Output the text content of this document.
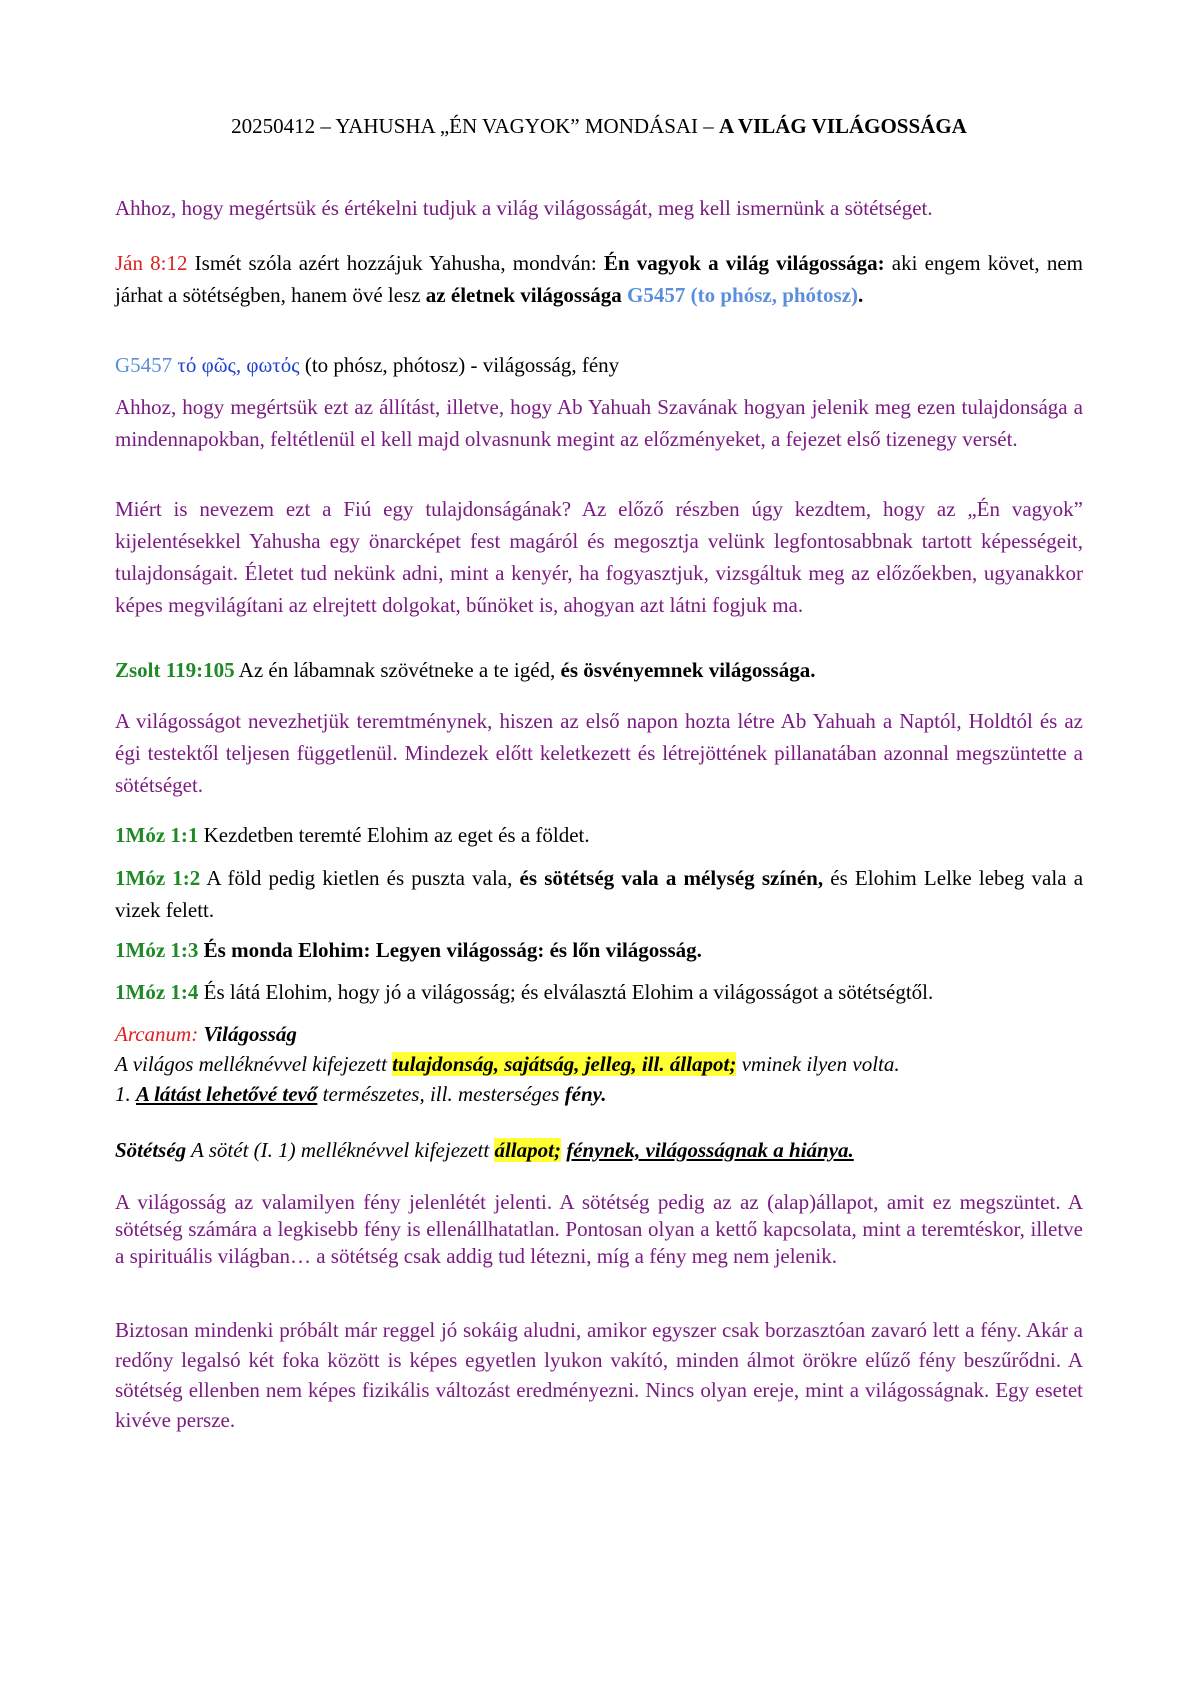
20250412 – YAHUSHA „ÉN VAGYOK” MONDÁSAI – A VILÁG VILÁGOSSÁGA

Ahhoz, hogy megértsük és értékelni tudjuk a világ világosságát, meg kell ismernünk a sötétséget.

Ján 8:12 Ismét szóla azért hozzájuk Yahusha, mondván: Én vagyok a világ világossága: aki engem követ, nem járhat a sötétségben, hanem övé lesz az életnek világossága G5457 (to phósz, phótosz).

G5457 τό φῶς, φωτός (to phósz, phótosz) - világosság, fény

Ahhoz, hogy megértsük ezt az állítást, illetve, hogy Ab Yahuah Szavának hogyan jelenik meg ezen tulajdonsága a mindennapokban, feltétlenül el kell majd olvasnunk megint az előzményeket, a fejezet első tizenegy versét.

Miért is nevezem ezt a Fiú egy tulajdonságának? Az előző részben úgy kezdtem, hogy az „Én vagyok” kijelentésekkel Yahusha egy önarcképet fest magáról és megosztja velünk legfontosabbnak tartott képességeit, tulajdonságait. Életet tud nekünk adni, mint a kenyér, ha fogyasztjuk, vizsgáltuk meg az előzőekben, ugyanakkor képes megvilágítani az elrejtett dolgokat, bűnöket is, ahogyan azt látni fogjuk ma.

Zsolt 119:105 Az én lábamnak szövétneke a te igéd, és ösvényemnek világossága.

A világosságot nevezhetjük teremtménynek, hiszen az első napon hozta létre Ab Yahuah a Naptól, Holdtól és az égi testektől teljesen függetlenül. Mindezek előtt keletkezett és létrejöttének pillanatában azonnal megszüntette a sötétséget.

1Móz 1:1 Kezdetben teremté Elohim az eget és a földet.

1Móz 1:2 A föld pedig kietlen és puszta vala, és sötétség vala a mélység színén, és Elohim Lelke lebeg vala a vizek felett.

1Móz 1:3 És monda Elohim: Legyen világosság: és lőn világosság.

1Móz 1:4 És látá Elohim, hogy jó a világosság; és elválasztá Elohim a világosságot a sötétségtől.

Arcanum: Világosság
A világos melléknévvel kifejezett tulajdonság, sajátság, jelleg, ill. állapot; vminek ilyen volta.
1. A látást lehetővé tevő természetes, ill. mesterséges fény.

Sötétség A sötét (I. 1) melléknévvel kifejezett állapot; fénynek, világosságnak a hiánya.

A világosság az valamilyen fény jelenlétét jelenti. A sötétség pedig az az (alap)állapot, amit ez megszüntet. A sötétség számára a legkisebb fény is ellenállhatatlan. Pontosan olyan a kettő kapcsolata, mint a teremtéskor, illetve a spirituális világban… a sötétség csak addig tud létezni, míg a fény meg nem jelenik.

Biztosan mindenki próbált már reggel jó sokáig aludni, amikor egyszer csak borzasztóan zavaró lett a fény. Akár a redőny legalsó két foka között is képes egyetlen lyukon vakító, minden álmot örökre elűző fény beszűrődni. A sötétség ellenben nem képes fizikális változást eredményezni. Nincs olyan ereje, mint a világosságnak. Egy esetet kivéve persze.
